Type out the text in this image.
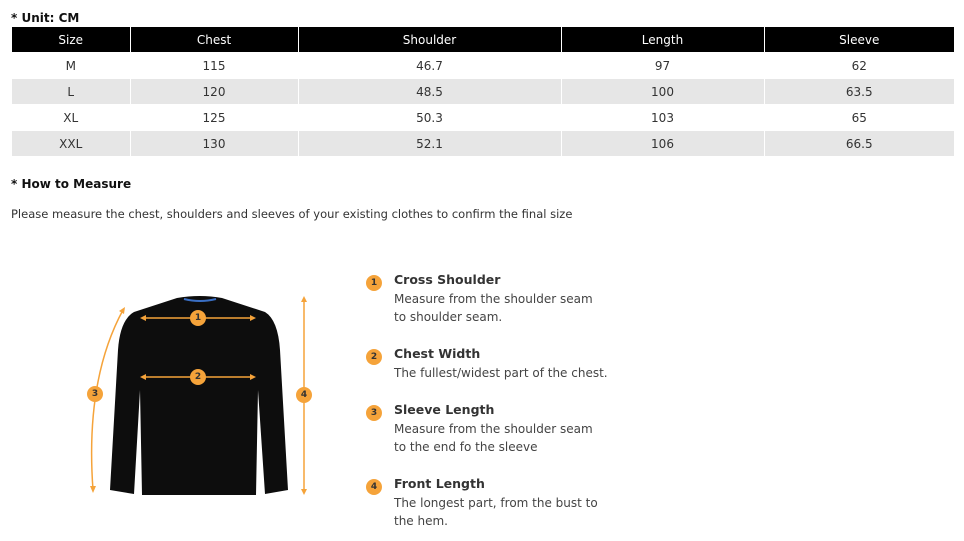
* Unit: CM
Size	Chest	Shoulder	Length	Sleeve
M	115	46.7	97	62
L	120	48.5	100	63.5
XL	125	50.3	103	65
XXL	130	52.1	106	66.5
* How to Measure
Please measure the chest, shoulders and sleeves of your existing clothes to confirm the final size
1
2
3	4
1	Cross Shoulder
Measure from the shoulder seam
to shoulder seam.
2	Chest Width
The fullest/widest part of the chest.
3	Sleeve Length
Measure from the shoulder seam
to the end fo the sleeve
4	Front Length
The longest part, from the bust to
the hem.
